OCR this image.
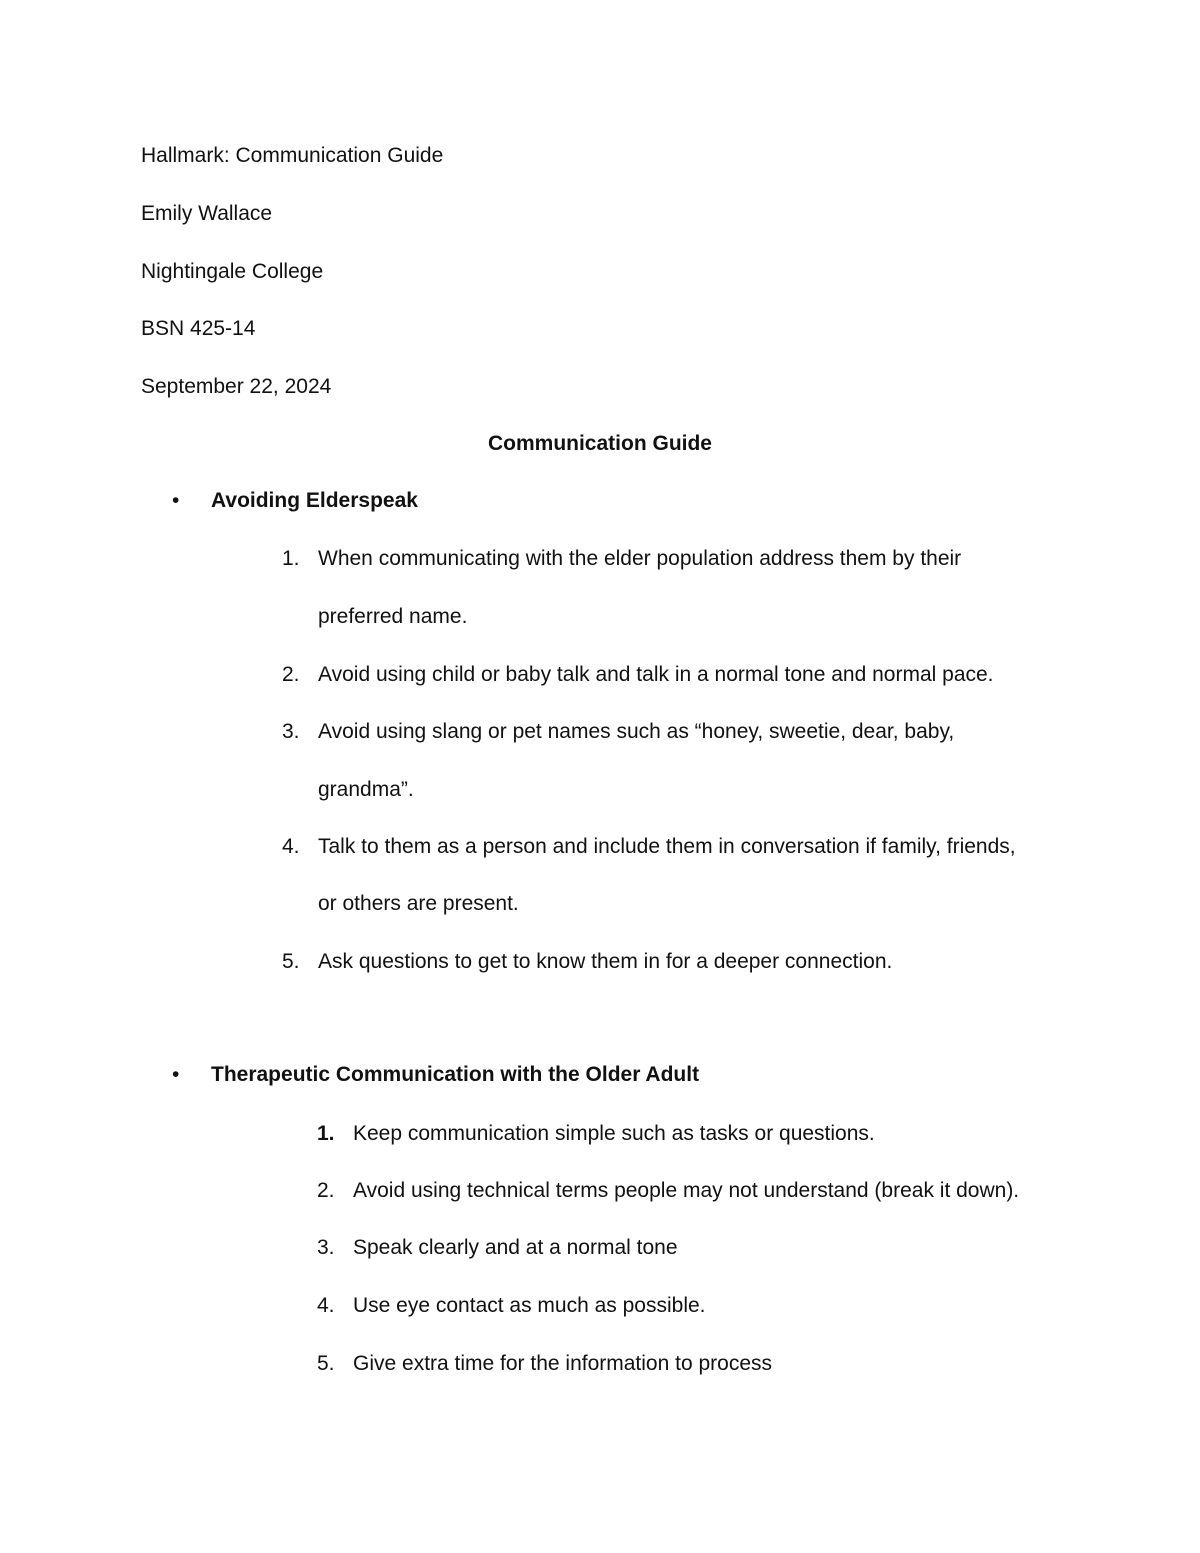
Hallmark: Communication Guide
Emily Wallace
Nightingale College
BSN 425-14
September 22, 2024
Communication Guide
• Avoiding Elderspeak
1. When communicating with the elder population address them by their
preferred name.
2. Avoid using child or baby talk and talk in a normal tone and normal pace.
3. Avoid using slang or pet names such as “honey, sweetie, dear, baby,
grandma”.
4. Talk to them as a person and include them in conversation if family, friends,
or others are present.
5. Ask questions to get to know them in for a deeper connection.
• Therapeutic Communication with the Older Adult
1. Keep communication simple such as tasks or questions.
2. Avoid using technical terms people may not understand (break it down).
3. Speak clearly and at a normal tone
4. Use eye contact as much as possible.
5. Give extra time for the information to process
